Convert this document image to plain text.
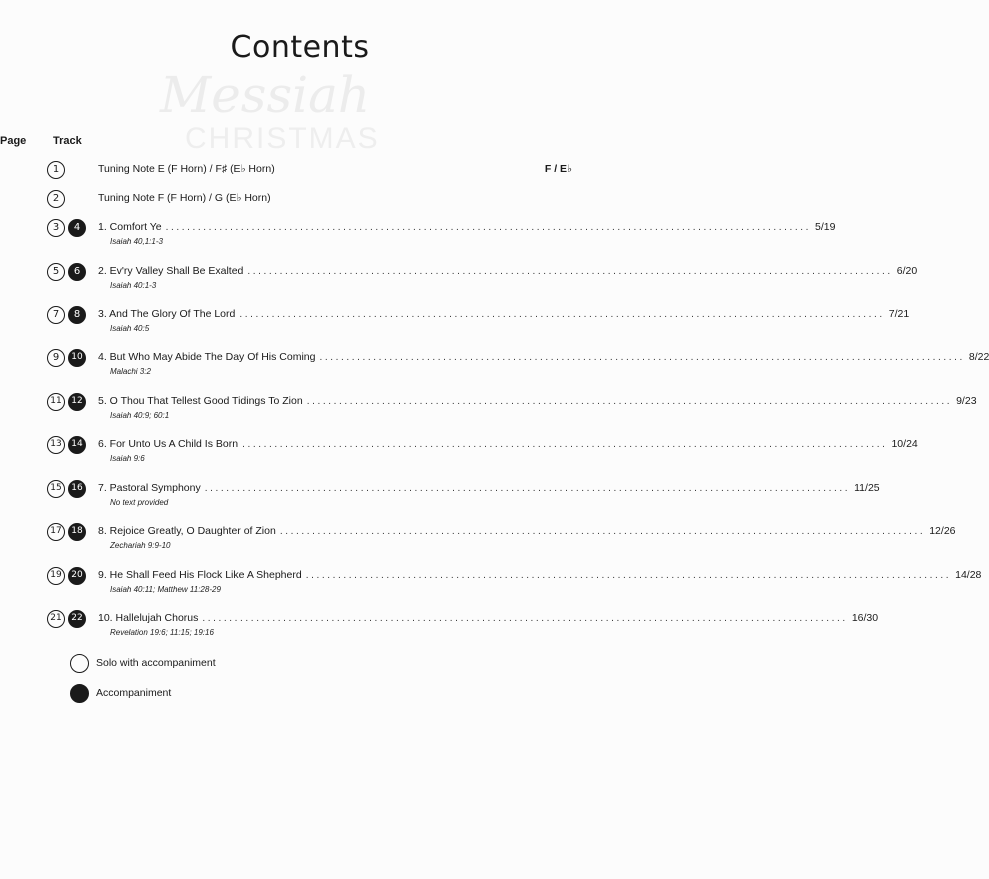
Messiah
CHRISTMAS
Contents
Track
Page
1	Tuning Note E (F Horn) / F♯ (E♭ Horn)	F / E♭
2	Tuning Note F (F Horn) / G (E♭ Horn)
3	4	1. Comfort Ye ........................................................................................................................ 5/19
Isaiah 40,1:1-3
5	6	2. Ev'ry Valley Shall Be Exalted ........................................................................................................................ 6/20
Isaiah 40:1-3
7	8	3. And The Glory Of The Lord ........................................................................................................................ 7/21
Isaiah 40:5
9	10	4. But Who May Abide The Day Of His Coming ........................................................................................................................ 8/22
Malachi 3:2
11	12	5. O Thou That Tellest Good Tidings To Zion ........................................................................................................................ 9/23
Isaiah 40:9; 60:1
13	14	6. For Unto Us A Child Is Born ........................................................................................................................ 10/24
Isaiah 9:6
15	16	7. Pastoral Symphony ........................................................................................................................ 11/25
No text provided
17	18	8. Rejoice Greatly, O Daughter of Zion ........................................................................................................................ 12/26
Zechariah 9:9-10
19	20	9. He Shall Feed His Flock Like A Shepherd ........................................................................................................................ 14/28
Isaiah 40:11; Matthew 11:28-29
21	22	10. Hallelujah Chorus ........................................................................................................................ 16/30
Revelation 19:6; 11:15; 19:16
Solo with accompaniment
Accompaniment
